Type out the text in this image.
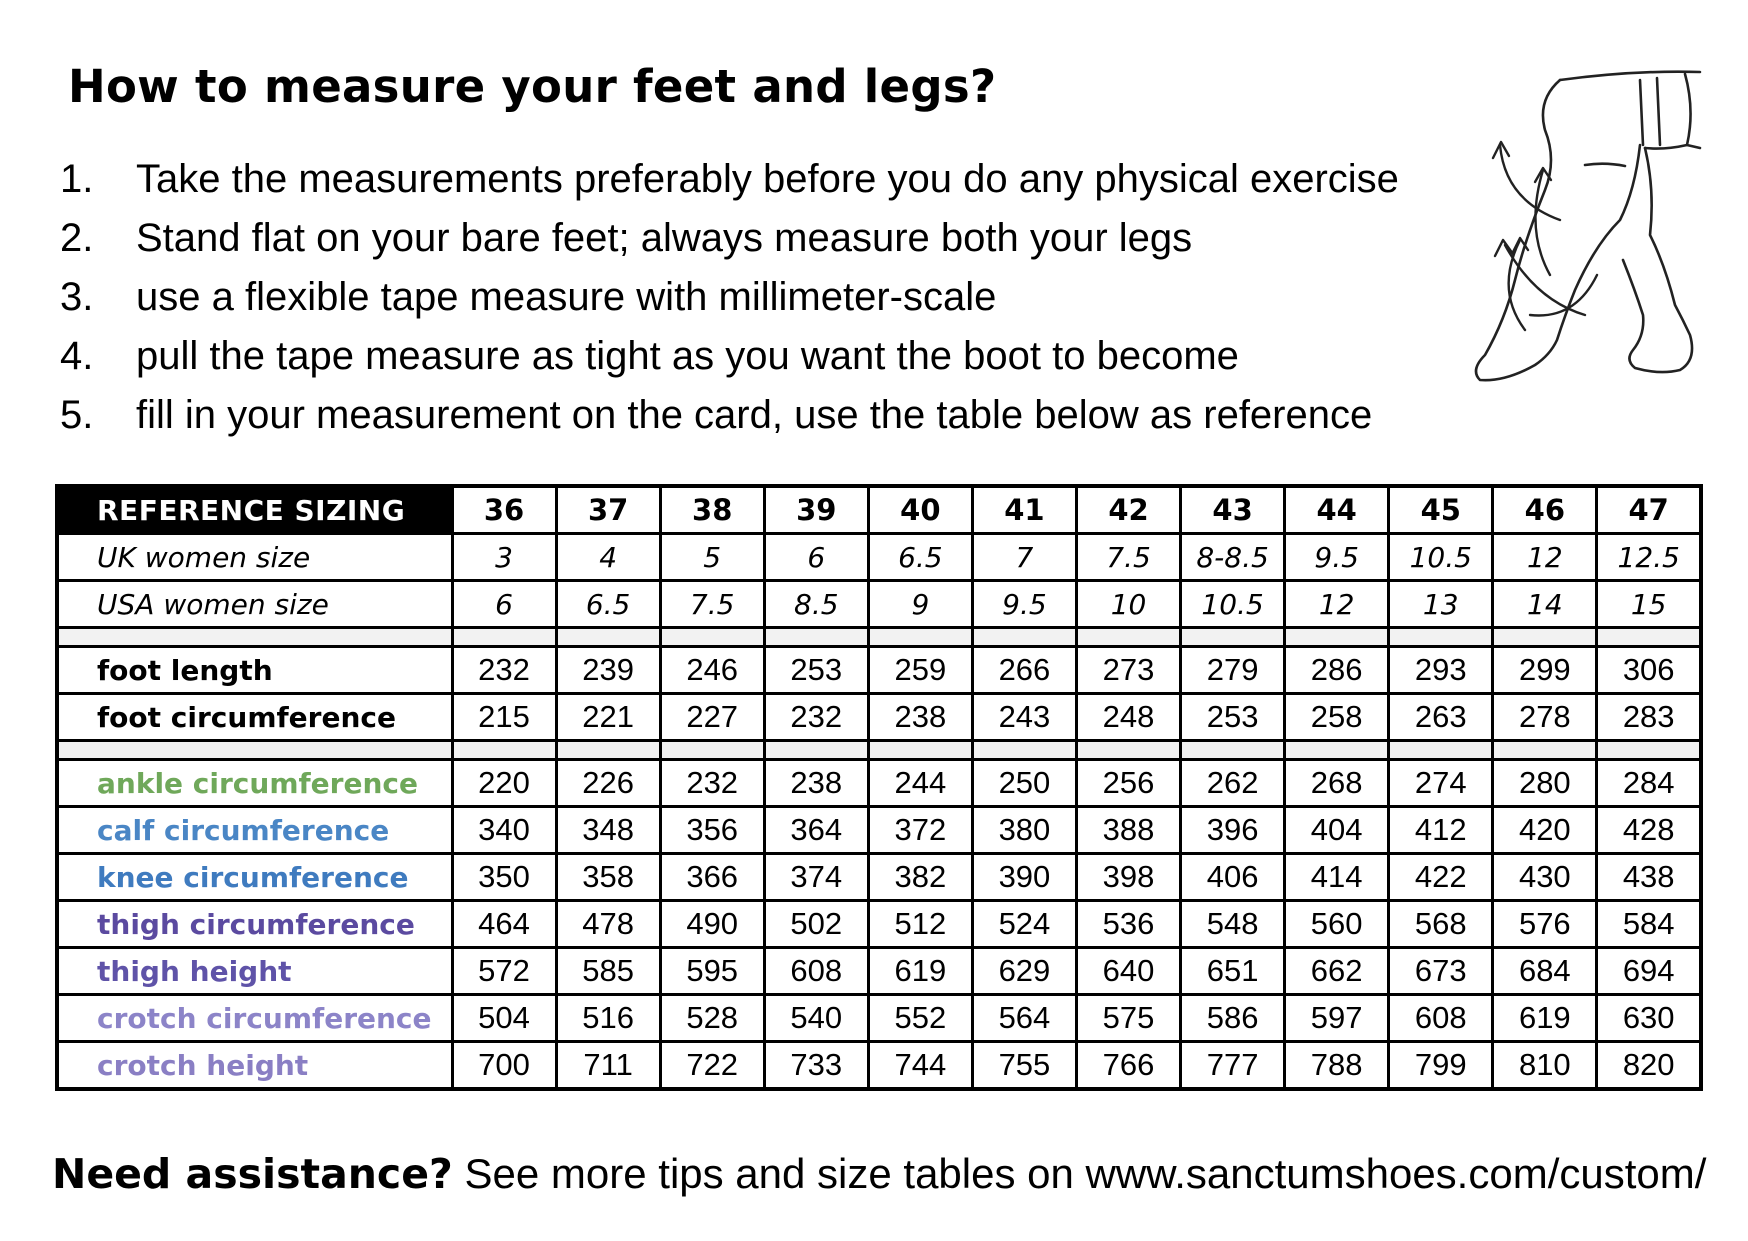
How to measure your feet and legs?
1.	Take the measurements preferably before you do any physical exercise
2.	Stand flat on your bare feet; always measure both your legs
3.	use a flexible tape measure with millimeter-scale
4.	pull the tape measure as tight as you want the boot to become
5.	fill in your measurement on the card, use the table below as reference
REFERENCE SIZING	36	37	38	39	40	41	42	43	44	45	46	47
UK women size	3	4	5	6	6.5	7	7.5	8-8.5	9.5	10.5	12	12.5
USA women size	6	6.5	7.5	8.5	9	9.5	10	10.5	12	13	14	15

foot length	232	239	246	253	259	266	273	279	286	293	299	306
foot circumference	215	221	227	232	238	243	248	253	258	263	278	283

ankle circumference	220	226	232	238	244	250	256	262	268	274	280	284
calf circumference	340	348	356	364	372	380	388	396	404	412	420	428
knee circumference	350	358	366	374	382	390	398	406	414	422	430	438
thigh circumference	464	478	490	502	512	524	536	548	560	568	576	584
thigh height	572	585	595	608	619	629	640	651	662	673	684	694
crotch circumference	504	516	528	540	552	564	575	586	597	608	619	630
crotch height	700	711	722	733	744	755	766	777	788	799	810	820
Need assistance? See more tips and size tables on www.sanctumshoes.com/custom/
